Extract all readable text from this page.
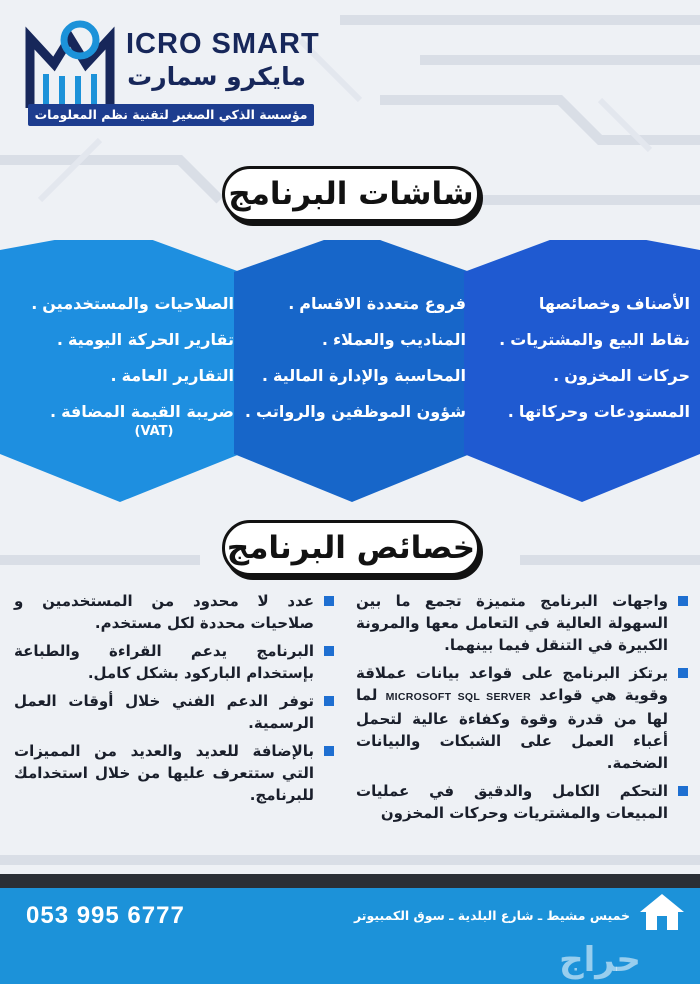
ICRO SMART
مايكرو سمارت
مؤسسة الذكي الصغير لتقنية نظم المعلومات
شاشات البرنامج
الأصناف وخصائصها
نقاط البيع والمشتريات.
حركات المخزون.
المستودعات وحركاتها.
فروع متعددة الاقسام.
المناديب والعملاء.
المحاسبة والإدارة المالية.
شؤون الموظفين والرواتب.
الصلاحيات والمستخدمين.
تقارير الحركة اليومية.
التقارير العامة.
ضريبة القيمة المضافة.
(VAT)
خصائص البرنامج
واجهات البرنامج متميزة تجمع ما بين السهولة العالية في التعامل معها والمرونة الكبيرة في التنقل فيما بينهما.
يرتكز البرنامج على قواعد بيانات عملاقة وقوية هي قواعد MICROSOFT SQL SERVER لما لها من قدرة وقوة وكفاءة عالية لتحمل أعباء العمل على الشبكات والبيانات الضخمة.
التحكم الكامل والدقيق في عمليات المبيعات والمشتريات وحركات المخزون
عدد لا محدود من المستخدمين و صلاحيات محددة لكل مستخدم.
البرنامج يدعم القراءة والطباعة بإستخدام الباركود بشكل كامل.
توفر الدعم الفني خلال أوقات العمل الرسمية.
بالإضافة للعديد والعديد من المميزات التي ستتعرف عليها من خلال استخدامك للبرنامج.
053 995 6777	خميس مشيط ـ شارع البلدية ـ سوق الكمبيوتر
حراج
